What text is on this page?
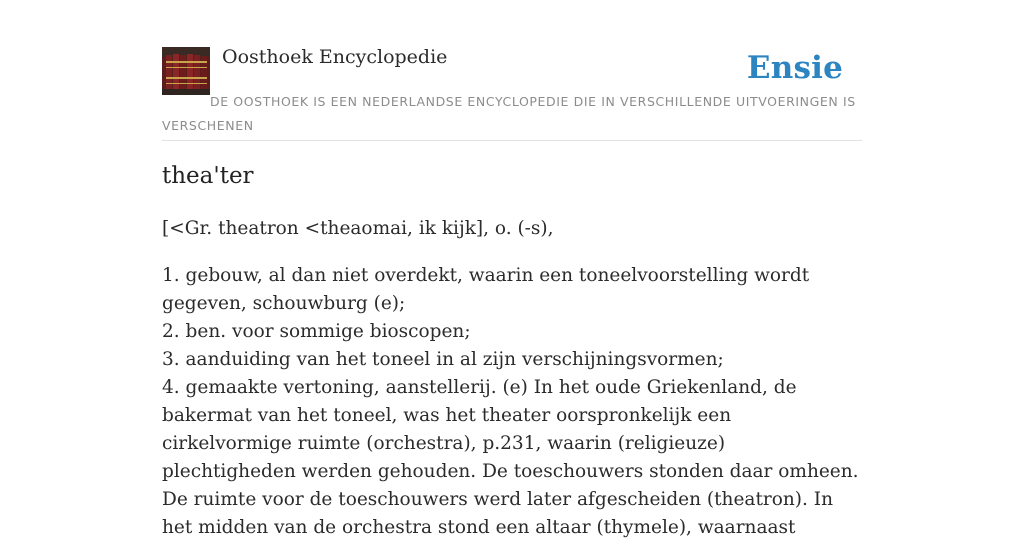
Oosthoek Encyclopedie	Ensie
DE OOSTHOEK IS EEN NEDERLANDSE ENCYCLOPEDIE DIE IN VERSCHILLENDE UITVOERINGEN IS VERSCHENEN
thea'ter

[<Gr. theatron <theaomai, ik kijk], o. (-s),

1. gebouw, al dan niet overdekt, waarin een toneelvoorstelling wordt gegeven, schouwburg (e);
2. ben. voor sommige bioscopen;
3. aanduiding van het toneel in al zijn verschijningsvormen;
4. gemaakte vertoning, aanstellerij. (e) In het oude Griekenland, de bakermat van het toneel, was het theater oorspronkelijk een cirkelvormige ruimte (orchestra), p.231, waarin (religieuze) plechtigheden werden gehouden. De toeschouwers stonden daar omheen. De ruimte voor de toeschouwers werd later afgescheiden (theatron). In het midden van de orchestra stond een altaar (thymele), waarnaast
